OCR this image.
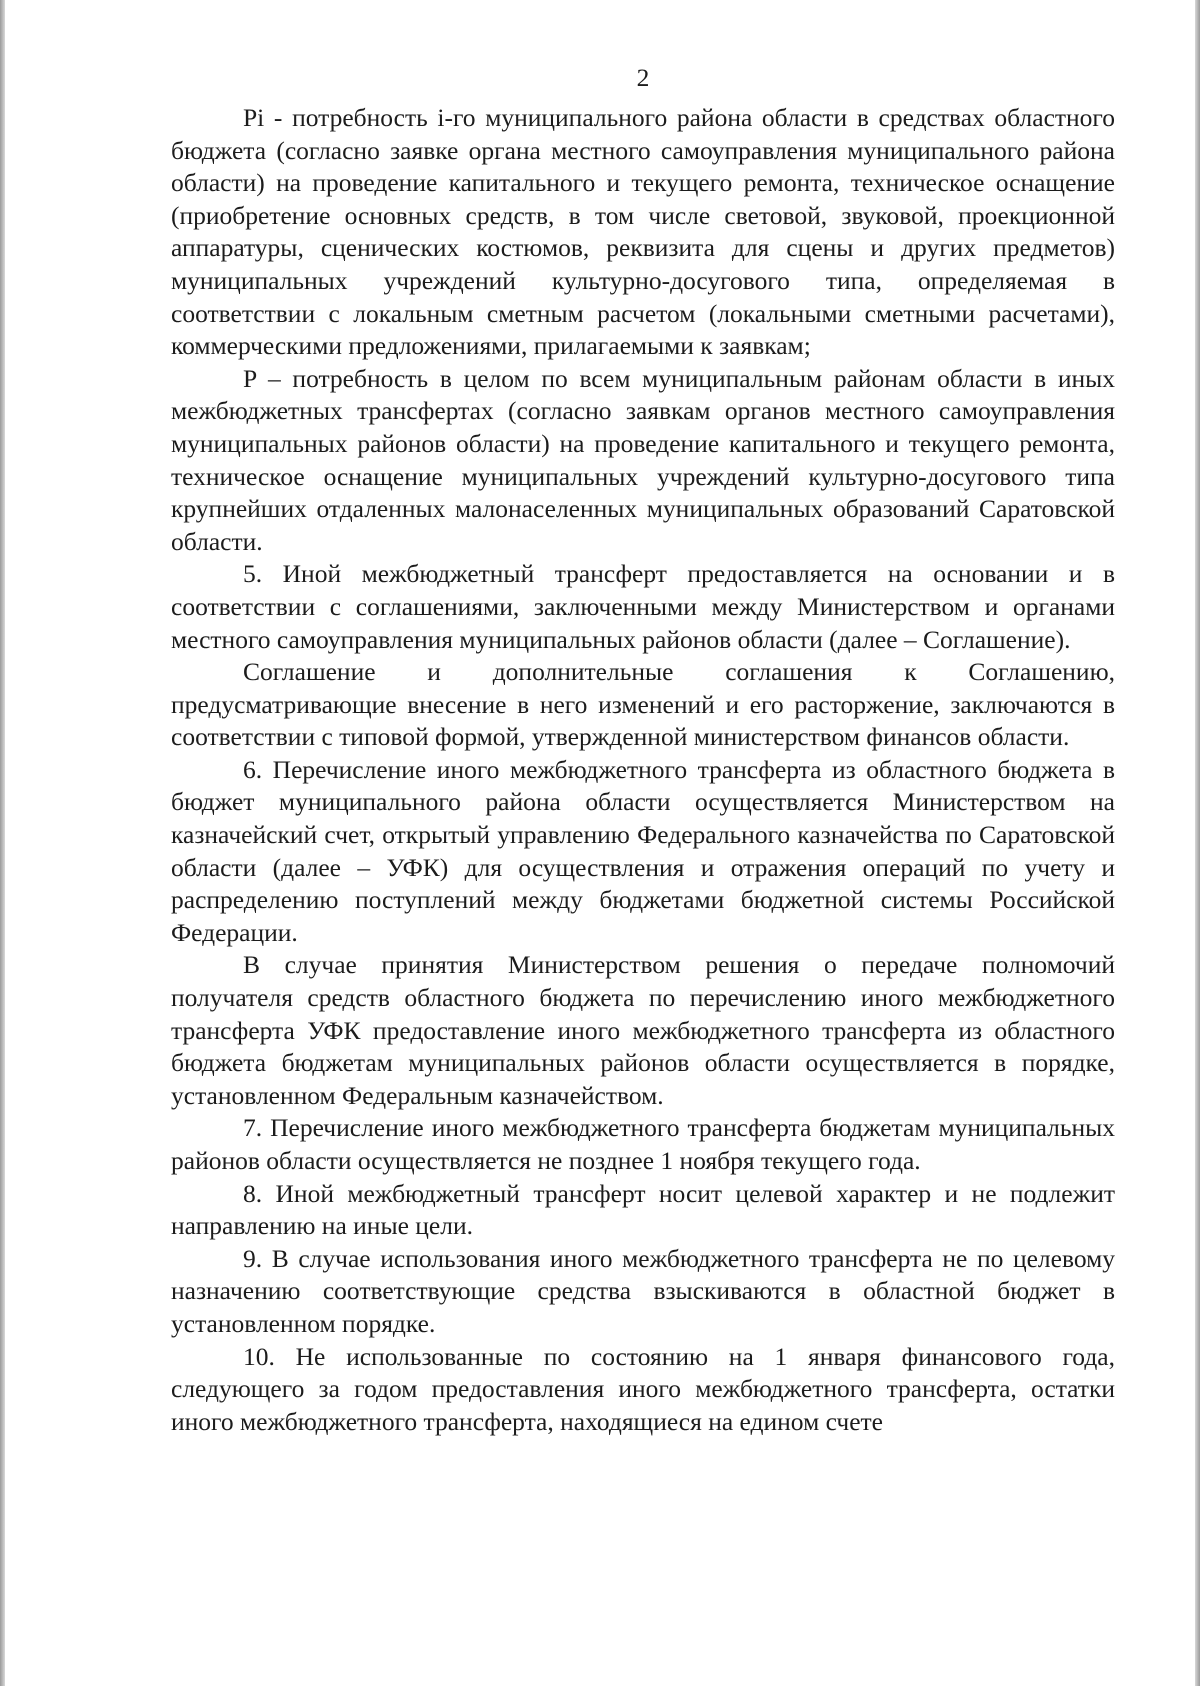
2

Pi - потребность i-го муниципального района области в средствах областного бюджета (согласно заявке органа местного самоуправления муниципального района области) на проведение капитального и текущего ремонта, техническое оснащение (приобретение основных средств, в том числе световой, звуковой, проекционной аппаратуры, сценических костюмов, реквизита для сцены и других предметов) муниципальных учреждений культурно-досугового типа, определяемая в соответствии с локальным сметным расчетом (локальными сметными расчетами), коммерческими предложениями, прилагаемыми к заявкам;

P – потребность в целом по всем муниципальным районам области в иных межбюджетных трансфертах (согласно заявкам органов местного самоуправления муниципальных районов области) на проведение капитального и текущего ремонта, техническое оснащение муниципальных учреждений культурно-досугового типа крупнейших отдаленных малонаселенных муниципальных образований Саратовской области.

5. Иной межбюджетный трансферт предоставляется на основании и в соответствии с соглашениями, заключенными между Министерством и органами местного самоуправления муниципальных районов области (далее – Соглашение).

Соглашение и дополнительные соглашения к Соглашению, предусматривающие внесение в него изменений и его расторжение, заключаются в соответствии с типовой формой, утвержденной министерством финансов области.

6. Перечисление иного межбюджетного трансферта из областного бюджета в бюджет муниципального района области осуществляется Министерством на казначейский счет, открытый управлению Федерального казначейства по Саратовской области (далее – УФК) для осуществления и отражения операций по учету и распределению поступлений между бюджетами бюджетной системы Российской Федерации.

В случае принятия Министерством решения о передаче полномочий получателя средств областного бюджета по перечислению иного межбюджетного трансферта УФК предоставление иного межбюджетного трансферта из областного бюджета бюджетам муниципальных районов области осуществляется в порядке, установленном Федеральным казначейством.

7. Перечисление иного межбюджетного трансферта бюджетам муниципальных районов области осуществляется не позднее 1 ноября текущего года.

8. Иной межбюджетный трансферт носит целевой характер и не подлежит направлению на иные цели.

9. В случае использования иного межбюджетного трансферта не по целевому назначению соответствующие средства взыскиваются в областной бюджет в установленном порядке.

10. Не использованные по состоянию на 1 января финансового года, следующего за годом предоставления иного межбюджетного трансферта, остатки иного межбюджетного трансферта, находящиеся на едином счете
